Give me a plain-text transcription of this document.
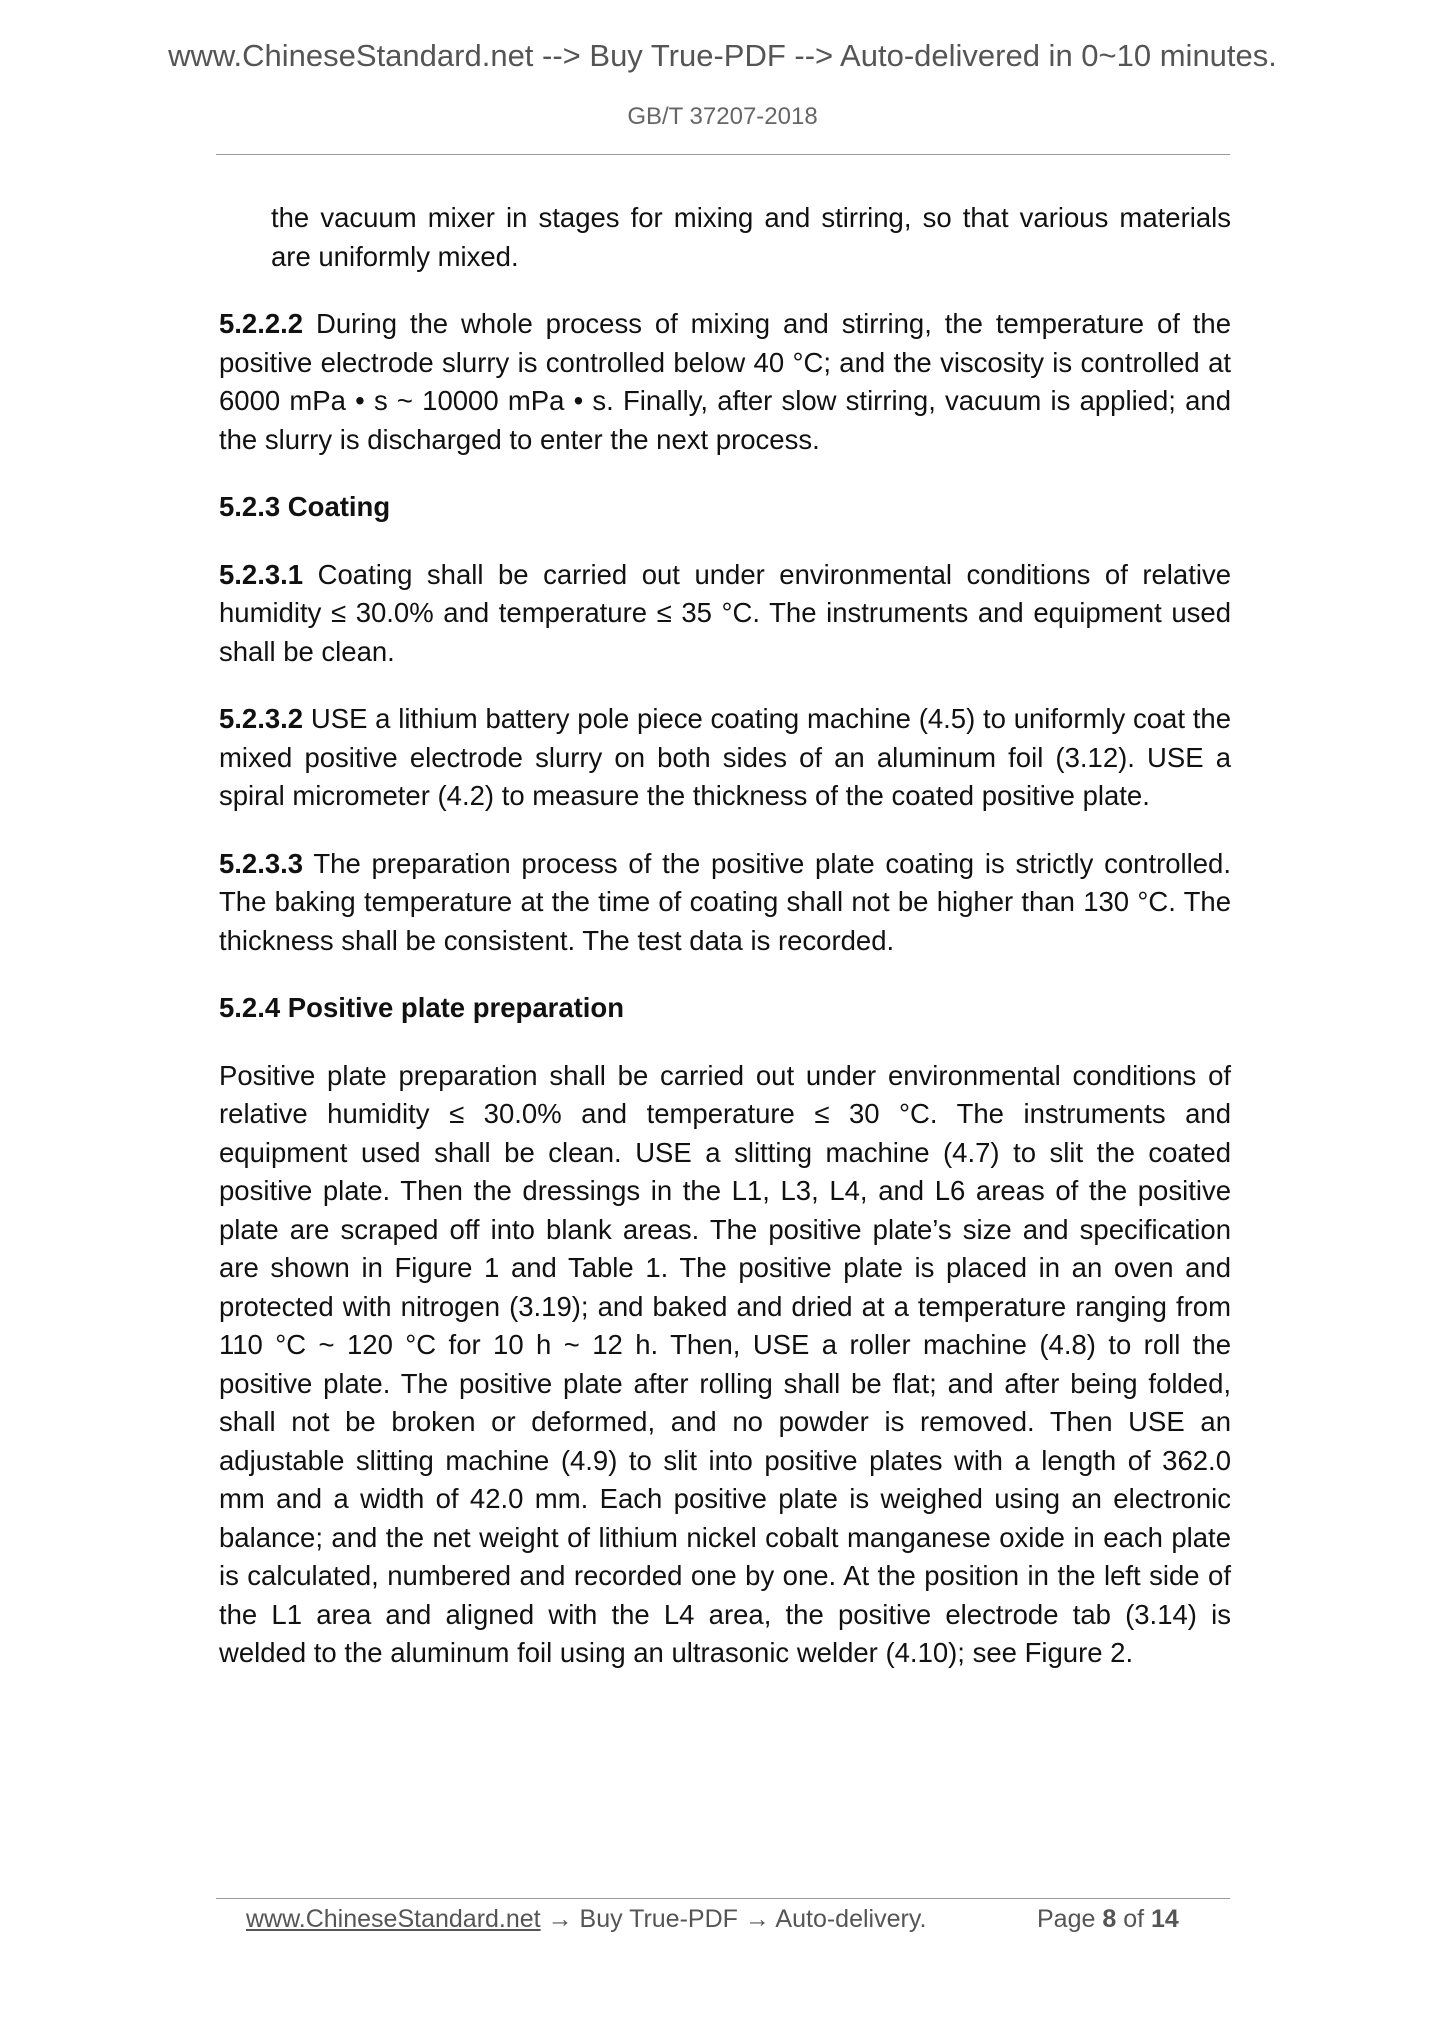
www.ChineseStandard.net --> Buy True-PDF --> Auto-delivered in 0~10 minutes.
GB/T 37207-2018

the vacuum mixer in stages for mixing and stirring, so that various materials are uniformly mixed.

5.2.2.2 During the whole process of mixing and stirring, the temperature of the positive electrode slurry is controlled below 40 °C; and the viscosity is controlled at 6000 mPa • s ~ 10000 mPa • s. Finally, after slow stirring, vacuum is applied; and the slurry is discharged to enter the next process.

5.2.3 Coating

5.2.3.1 Coating shall be carried out under environmental conditions of relative humidity ≤ 30.0% and temperature ≤ 35 °C. The instruments and equipment used shall be clean.

5.2.3.2 USE a lithium battery pole piece coating machine (4.5) to uniformly coat the mixed positive electrode slurry on both sides of an aluminum foil (3.12). USE a spiral micrometer (4.2) to measure the thickness of the coated positive plate.

5.2.3.3 The preparation process of the positive plate coating is strictly controlled. The baking temperature at the time of coating shall not be higher than 130 °C. The thickness shall be consistent. The test data is recorded.

5.2.4 Positive plate preparation

Positive plate preparation shall be carried out under environmental conditions of relative humidity ≤ 30.0% and temperature ≤ 30 °C. The instruments and equipment used shall be clean. USE a slitting machine (4.7) to slit the coated positive plate. Then the dressings in the L1, L3, L4, and L6 areas of the positive plate are scraped off into blank areas. The positive plate’s size and specification are shown in Figure 1 and Table 1. The positive plate is placed in an oven and protected with nitrogen (3.19); and baked and dried at a temperature ranging from 110 °C ~ 120 °C for 10 h ~ 12 h. Then, USE a roller machine (4.8) to roll the positive plate. The positive plate after rolling shall be flat; and after being folded, shall not be broken or deformed, and no powder is removed. Then USE an adjustable slitting machine (4.9) to slit into positive plates with a length of 362.0 mm and a width of 42.0 mm. Each positive plate is weighed using an electronic balance; and the net weight of lithium nickel cobalt manganese oxide in each plate is calculated, numbered and recorded one by one. At the position in the left side of the L1 area and aligned with the L4 area, the positive electrode tab (3.14) is welded to the aluminum foil using an ultrasonic welder (4.10); see Figure 2.

www.ChineseStandard.net → Buy True-PDF → Auto-delivery.	Page 8 of 14
